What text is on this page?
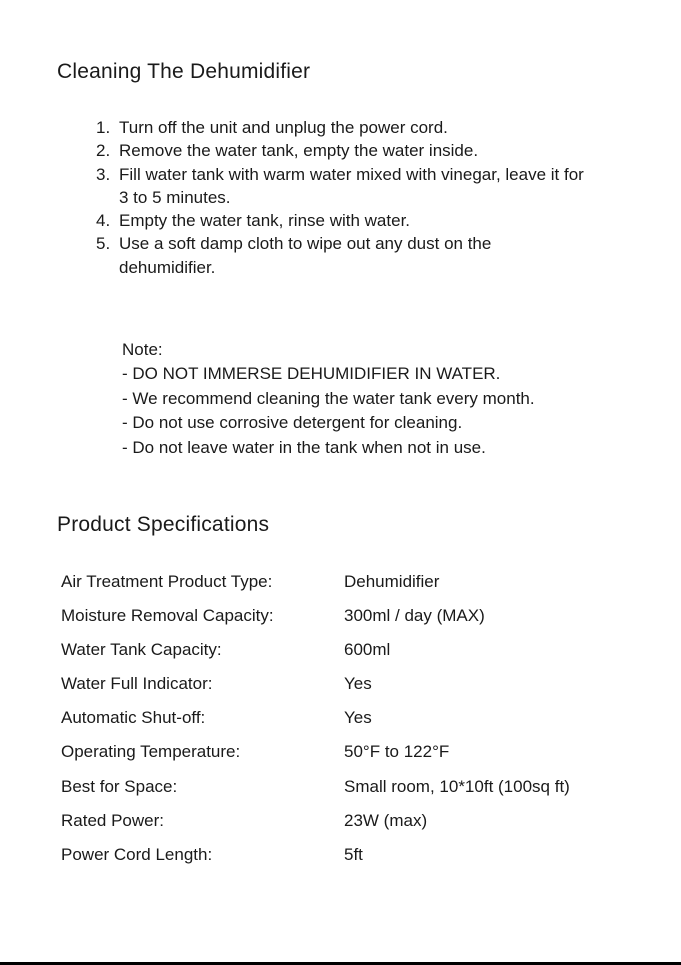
Cleaning The Dehumidifier
1. Turn off the unit and unplug the power cord.
2. Remove the water tank, empty the water inside.
3. Fill water tank with warm water mixed with vinegar, leave it for 3 to 5 minutes.
4. Empty the water tank, rinse with water.
5. Use a soft damp cloth to wipe out any dust on the dehumidifier.
Note:
- DO NOT IMMERSE DEHUMIDIFIER IN WATER.
- We recommend cleaning the water tank every month.
- Do not use corrosive detergent for cleaning.
- Do not leave water in the tank when not in use.
Product Specifications
Air Treatment Product Type:	Dehumidifier
Moisture Removal Capacity:	300ml / day (MAX)
Water Tank Capacity:	600ml
Water Full Indicator:	Yes
Automatic Shut-off:	Yes
Operating Temperature:	50°F to 122°F
Best for Space:	Small room, 10*10ft (100sq ft)
Rated Power:	23W (max)
Power Cord Length:	5ft
